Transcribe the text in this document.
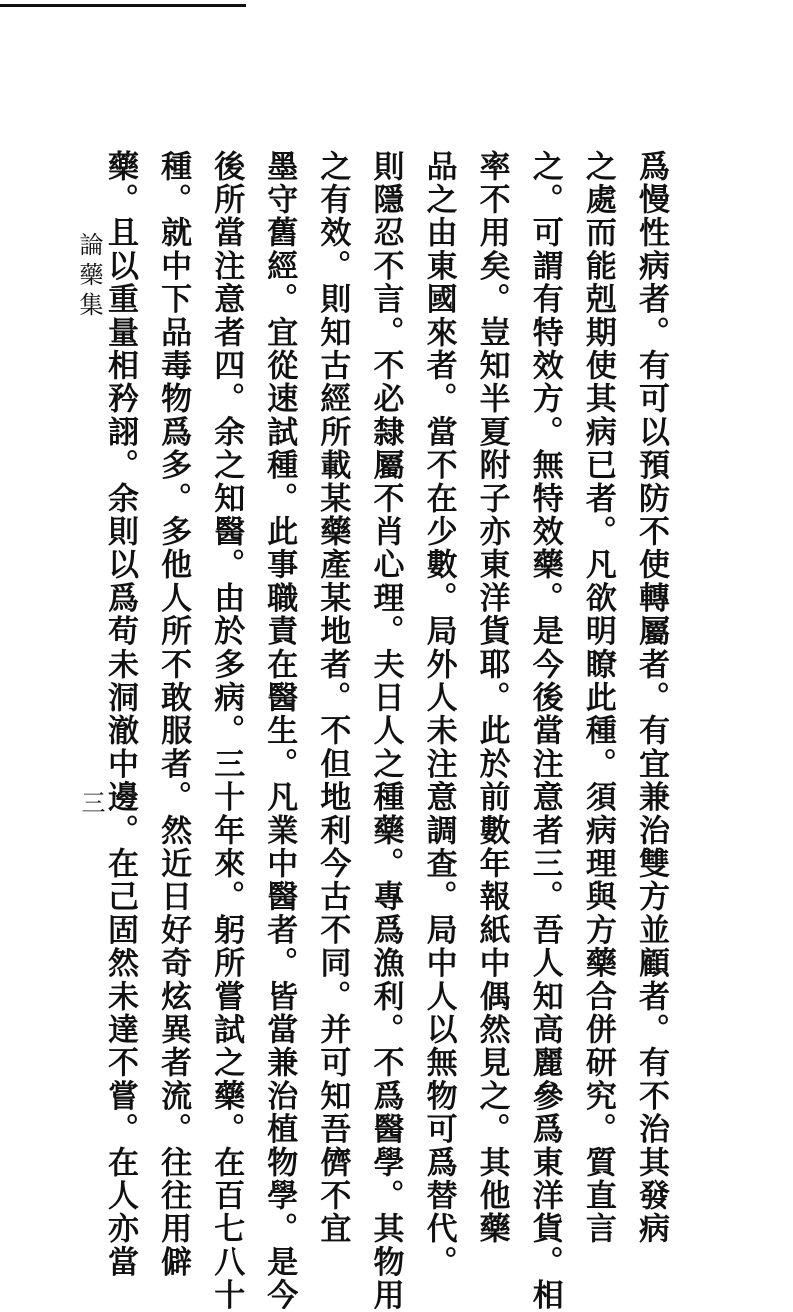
爲慢性病者。有可以預防不使轉屬者。有宜兼治雙方並顧者。有不治其發病
之處而能剋期使其病已者。凡欲明瞭此種。須病理與方藥合併研究。質直言
之。可謂有特效方。無特效藥。是今後當注意者三。吾人知高麗參爲東洋貨。相
率不用矣。豈知半夏附子亦東洋貨耶。此於前數年報紙中偶然見之。其他藥
品之由東國來者。當不在少數。局外人未注意調查。局中人以無物可爲替代。
則隱忍不言。不必隸屬不肖心理。夫日人之種藥。專爲漁利。不爲醫學。其物用
之有效。則知古經所載某藥產某地者。不但地利今古不同。并可知吾儕不宜
墨守舊經。宜從速試種。此事職責在醫生。凡業中醫者。皆當兼治植物學。是今
後所當注意者四。余之知醫。由於多病。三十年來。躬所嘗試之藥。在百七八十
種。就中下品毒物爲多。多他人所不敢服者。然近日好奇炫異者流。往往用僻
藥。且以重量相矜詡。余則以爲苟未洞澈中邊。在己固然未達不嘗。在人亦當
論藥集
三
